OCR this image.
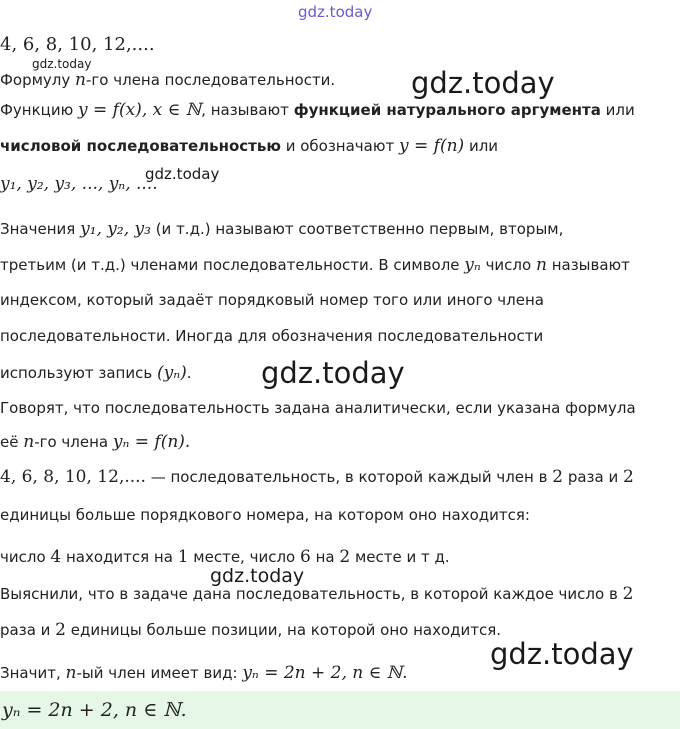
gdz.today
gdz.today
gdz.today
gdz.today
gdz.today
gdz.today
gdz.today
4, 6, 8, 10, 12,....
Формулу n-го члена последовательности.
Функцию y = f(x), x ∈ ℕ, называют функцией натурального аргумента или
числовой последовательностью и обозначают y = f(n) или
y₁, y₂, y₃, ..., yₙ, ....
Значения y₁, y₂, y₃ (и т.д.) называют соответственно первым, вторым,
третьим (и т.д.) членами последовательности. В символе yₙ число n называют
индексом, который задаёт порядковый номер того или иного члена
последовательности. Иногда для обозначения последовательности
используют запись (yₙ).
Говорят, что последовательность задана аналитически, если указана формула
её n-го члена yₙ = f(n).
4, 6, 8, 10, 12,.... — последовательность, в которой каждый член в 2 раза и 2
единицы больше порядкового номера, на котором оно находится:
число 4 находится на 1 месте, число 6 на 2 месте и т д.
Выяснили, что в задаче дана последовательность, в которой каждое число в 2
раза и 2 единицы больше позиции, на которой оно находится.
Значит, n-ый член имеет вид: yₙ = 2n + 2, n ∈ ℕ.
yₙ = 2n + 2, n ∈ ℕ.
